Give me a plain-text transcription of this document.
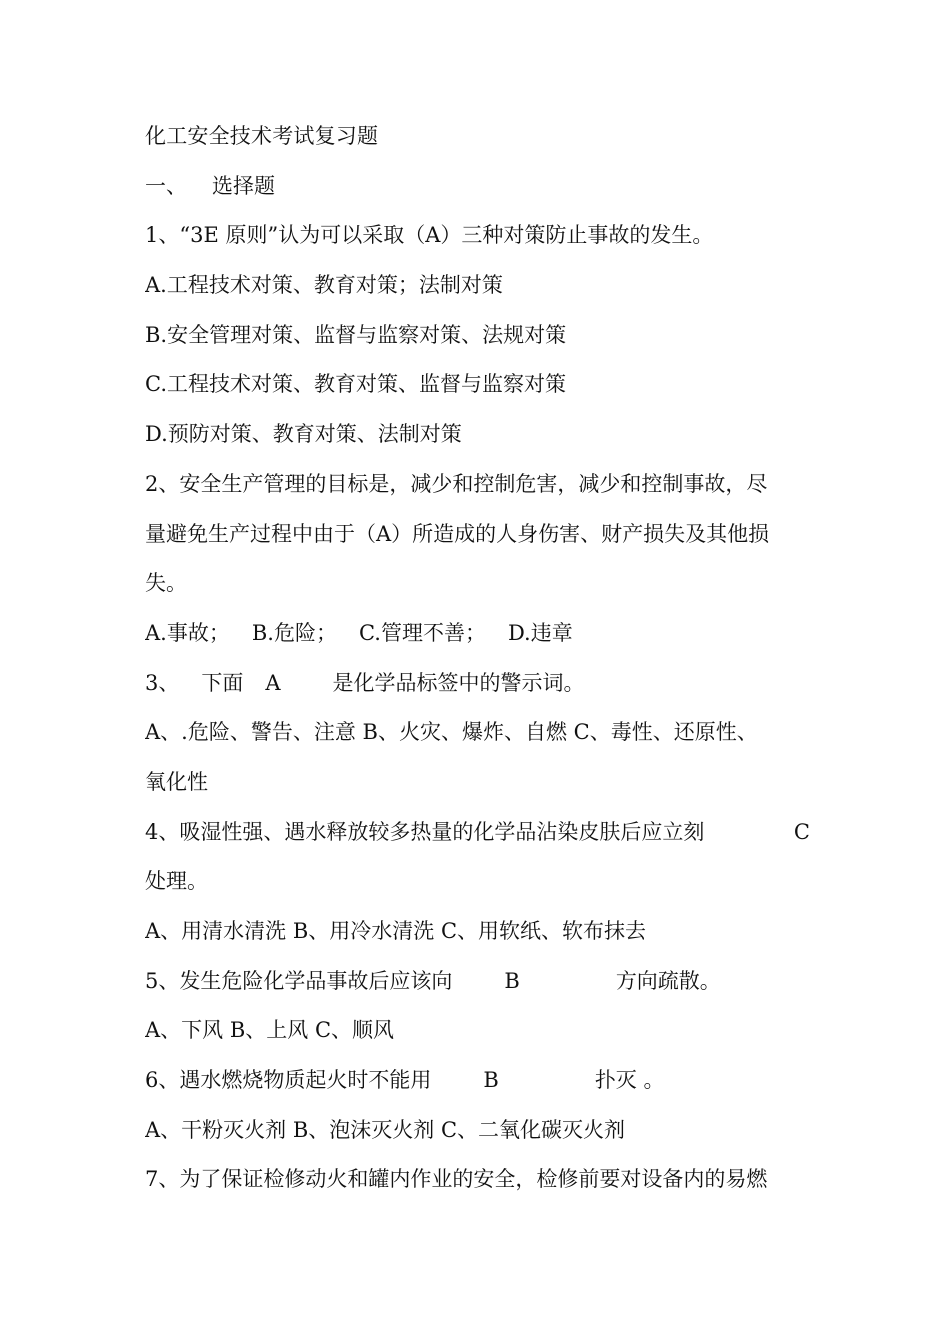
化工安全技术考试复习题
一、 选择题
1、“3E 原则”认为可以采取（A）三种对策防止事故的发生。
A.工程技术对策、教育对策；法制对策
B.安全管理对策、监督与监察对策、法规对策
C.工程技术对策、教育对策、监督与监察对策
D.预防对策、教育对策、法制对策
2、安全生产管理的目标是，减少和控制危害，减少和控制事故，尽
量避免生产过程中由于（A）所造成的人身伤害、财产损失及其他损
失。
A.事故； B.危险； C.管理不善； D.违章
3、 下面 A 是化学品标签中的警示词。
A、.危险、警告、注意 B、火灾、爆炸、自燃 C、毒性、还原性、
氧化性
4、吸湿性强、遇水释放较多热量的化学品沾染皮肤后应立刻	C
处理。
A、用清水清洗 B、用冷水清洗 C、用软纸、软布抹去
5、发生危险化学品事故后应该向 B	方向疏散。
A、下风 B、上风 C、顺风
6、遇水燃烧物质起火时不能用 B	扑灭 。
A、干粉灭火剂 B、泡沫灭火剂 C、二氧化碳灭火剂
7、为了保证检修动火和罐内作业的安全，检修前要对设备内的易燃
